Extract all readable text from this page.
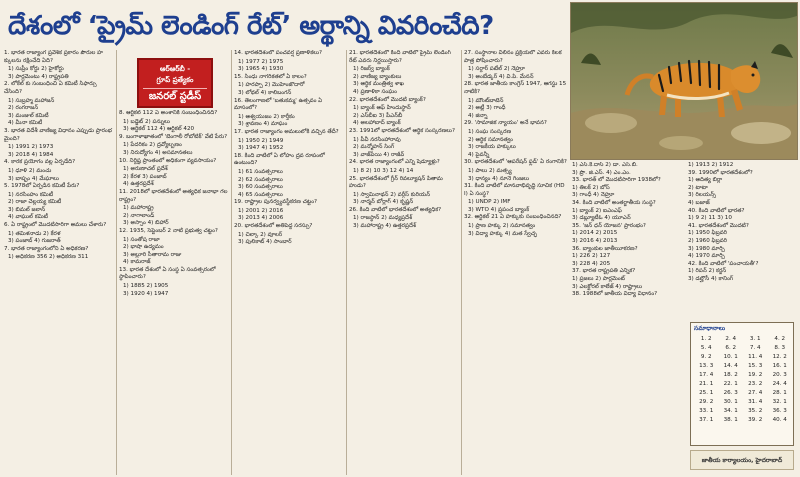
దేశంలో ‘ప్రైమ్ లెండింగ్ రేట్’ అర్థాన్ని వివరించేది?
ఆర్‌ఆర్‌బీ -
గ్రూప్ ప్రత్యేకం
జనరల్ స్టడీస్
1. భారత రాజ్యాంగ ప్రవేశిక ప్రకారం పౌరుల హక్కులను రక్షించేది ఏది?
1) సుప్రీం కోర్టు 2) హైకోర్టు
3) పార్లమెంటు 4) రాష్ట్రపతి
2. లోకేల్ కు సంబంధించి ఏ కమిటీ సిఫార్సు చేసింది?
1) సుబ్రహ్మ మహాజన్
2) రంగరాజన్
3) మంజుల్ కమిటీ
4) మీనా కమిటీ
3. భారత విదేశీ వాణిజ్య విధానం ఎప్పుడు ప్రారంభమైంది?
1) 1991 2) 1973
3) 2018 4) 1984
4. కారక ప్రయోగం వల్ల ఏర్పడేది?
1) ధూళి 2) మంచు
3) బాష్పం 4) మేఘాలు
5. 1978లో ఏర్పడిన కమిటీ పేరు?
1) నరసింహం కమిటీ
2) రాజా చెల్లయ్య కమిటీ
3) బిమల్ జలాన్
4) వాఘుల్ కమిటీ
6. ఏ రాష్ట్రంలో మొదటిసారిగా అమలు చేశారు?
1) తమిళనాడు 2) కేరళ
3) పంజాబ్ 4) గుజరాత్
7. భారత రాజ్యాంగంలోని ఏ అధికరణ?
1) అధికరణ 356 2) అధికరణ 311
8. ఆర్టికల్ 112 ఏ అంశానికి సంబంధించినది?
1) బడ్జెట్ 2) పన్నులు
3) ఆర్టికల్ 112 4) ఆర్టికల్ 420
9. బంగాళాఖాతంలో 'బెంగాలీ రోబోటిక్' వేటి పేరు?
1) పేదరికం 2) ద్రవ్యోల్బణం
3) నిరుద్యోగం 4) అసమానతలు
10. నిర్దిష్ట ప్రాంతంలో అధికంగా వ్యవసాయం?
1) అరుణాచల్ ప్రదేశ్
2) కేరళ 3) పంజాబ్
4) ఉత్తరప్రదేశ్
11. 2018లో భారతదేశంలో అత్యధిక జనాభా గల రాష్ట్రం?
1) మహారాష్ట్ర
2) నాగాలాండ్
3) అస్సాం 4) బిహార్
12. 1935, సెప్టెంబర్ 2 నాటి ప్రభుత్వ చట్టం?
1) సంతోష రాజా
2) భాషా ఉద్యమం
3) అల్లూరి సీతారామ రాజు
4) కామరాజ్
13. భారత దేశంలో ఏ సంస్థ ఏ సంవత్సరంలో స్థాపించారు?
1) 1885 2) 1905
3) 1920 4) 1947
14. భారతదేశంలో పంచవర్ష ప్రణాళికలు?
1) 1977 2) 1975
3) 1965 4) 1930
15. సింధు నాగరికతలో ఏ కాలం?
1) హరప్పా 2) మొహెంజొదారో
3) లోథల్ 4) కాలిబంగన్
16. తెలంగాణలో 'బతుకమ్మ' ఉత్సవం ఏ మాసంలో?
1) ఆశ్వయుజం 2) కార్తీకం
3) శ్రావణం 4) మాఘం
17. భారత రాజ్యాంగం అమలులోకి వచ్చిన తేదీ?
1) 1950 2) 1949
3) 1947 4) 1952
18. కింది వాటిలో ఏ లోహం ద్రవ రూపంలో ఉంటుంది?
1) 61 సంవత్సరాలు
2) 62 సంవత్సరాలు
3) 60 సంవత్సరాలు
4) 65 సంవత్సరాలు
19. రాష్ట్రాల పునర్వ్యవస్థీకరణ చట్టం?
1) 2001 2) 2016
3) 2013 4) 2006
20. భారతదేశంలో అతిపెద్ద సరస్సు?
1) చిల్కా 2) వూలర్
3) పులికాట్ 4) సాంబార్
21. భారతదేశంలో కింది వాటిలో ప్రైమ్ లెండింగ్ రేట్ ఎవరు నిర్ణయిస్తారు?
1) రిజర్వ్ బ్యాంక్
2) వాణిజ్య బ్యాంకులు
3) ఆర్థిక మంత్రిత్వ శాఖ
4) ప్రణాళికా సంఘం
22. భారతదేశంలో మొదటి బ్యాంక్?
1) బ్యాంక్ ఆఫ్ హిందుస్థాన్
2) ఎస్‌బీఐ 3) పీఎన్‌బీ
4) అలహాబాద్ బ్యాంక్
23. 1991లో భారతదేశంలో ఆర్థిక సంస్కరణలు?
1) పీవీ నరసింహారావు
2) మన్మోహన్ సింగ్
3) వాజ్‌పేయి 4) రాజీవ్
24. భారత రాజ్యాంగంలో ఎన్ని షెడ్యూళ్లు?
1) 8 2) 10 3) 12 4) 14
25. భారతదేశంలో గ్రీన్ రివల్యూషన్ పితామహుడు?
1) స్వామినాథన్ 2) వర్గీస్ కురియన్
3) నార్మన్ బోర్లాగ్ 4) కృష్ణన్
26. కింది వాటిలో భారతదేశంలో అత్యధిక?
1) రాజస్థాన్ 2) మధ్యప్రదేశ్
3) మహారాష్ట్ర 4) ఉత్తరప్రదేశ్
27. సంస్థానాల విలీనం ప్రక్రియలో ఎవరు కీలకపాత్ర పోషించారు?
1) సర్దార్ పటేల్ 2) నెహ్రూ
3) అంబేడ్కర్ 4) వి.పి. మేనన్
28. భారత జాతీయ కాంగ్రెస్ 1947, ఆగస్టు 15 నాటికి?
1) మౌంట్‌బాటెన్
2) అట్లీ 3) గాంధీ
4) జిన్నా
29. 'సామాజిక న్యాయం' అనే భావన?
1) సంఘ సంస్కరణ
2) ఆర్థిక సమానత్వం
3) రాజకీయ హక్కులు
4) పైవన్నీ
30. భారతదేశంలో 'ఆపరేషన్ ఫ్లడ్' ఏ రంగానికి?
1) పాలు 2) మత్స్య
3) ధాన్యం 4) నూనె గింజలు
31. కింది వాటిలో మానవాభివృద్ధి సూచిక (HDI) ఏ సంస్థ?
1) UNDP 2) IMF
3) WTO 4) ప్రపంచ బ్యాంక్
32. ఆర్టికల్ 21 ఏ హక్కుకు సంబంధించినది?
1) ప్రాణ హక్కు 2) సమానత్వం
3) విద్యా హక్కు 4) మత స్వేచ్ఛ
1) ఎస్.కె.దాస్ 2) డా. ఎస్.బి.
3) ప్రొ. జి.ఎస్. 4) ఎం.ఎం.
33. భారత్ లో మొదటిసారిగా 1938లో?
1) తిలక్ 2) బోస్
3) గాంధీ 4) నెహ్రూ
34. కింది వాటిలో అంతర్జాతీయ సంస్థ?
1) బ్యాంక్ 2) ఐఎంఎఫ్
3) డబ్ల్యూటీఓ 4) యూఎన్
35. 'జన్ ధన్ యోజన' ప్రారంభం?
1) 2014 2) 2015
3) 2016 4) 2013
36. బ్యాంకుల జాతీయీకరణ?
1) 226 2) 127
3) 228 4) 205
37. భారత రాష్ట్రపతి ఎన్నిక?
1) ప్రజలు 2) పార్లమెంట్
3) ఎలక్టోరల్ కాలేజ్ 4) రాష్ట్రాలు
38. 1988లో జాతీయ విద్యా విధానం?
1) 1913 2) 1912
39. 1990లో భారతదేశంలో?
1) ఆదిత్య బిర్లా
2) టాటా
3) రిలయన్స్
4) బజాజ్
40. కింది వాటిలో భారత?
1) 9 2) 11 3) 10
41. భారతదేశంలో మొదటి?
1) 1950 ఫిబ్రవరి
2) 1960 ఫిబ్రవరి
3) 1980 మార్చి
4) 1970 మార్చి
42. కింది వాటిలో 'పంచాయతీ'?
1) రిపన్ 2) కర్జన్
3) డల్హౌసీ 4) కానింగ్
సమాధానాలు
1. 2	2. 4	3. 1	4. 2
5. 4	6. 2	7. 4	8. 3
9. 2	10. 1	11. 4	12. 2
13. 3	14. 4	15. 3	16. 1
17. 4	18. 2	19. 2	20. 3
21. 1	22. 1	23. 2	24. 4
25. 1	26. 3	27. 4	28. 1
29. 2	30. 1	31. 4	32. 1
33. 1	34. 1	35. 2	36. 3
37. 1	38. 1	39. 2	40. 4
జాతీయ కార్యాలయం, హైదరాబాద్
